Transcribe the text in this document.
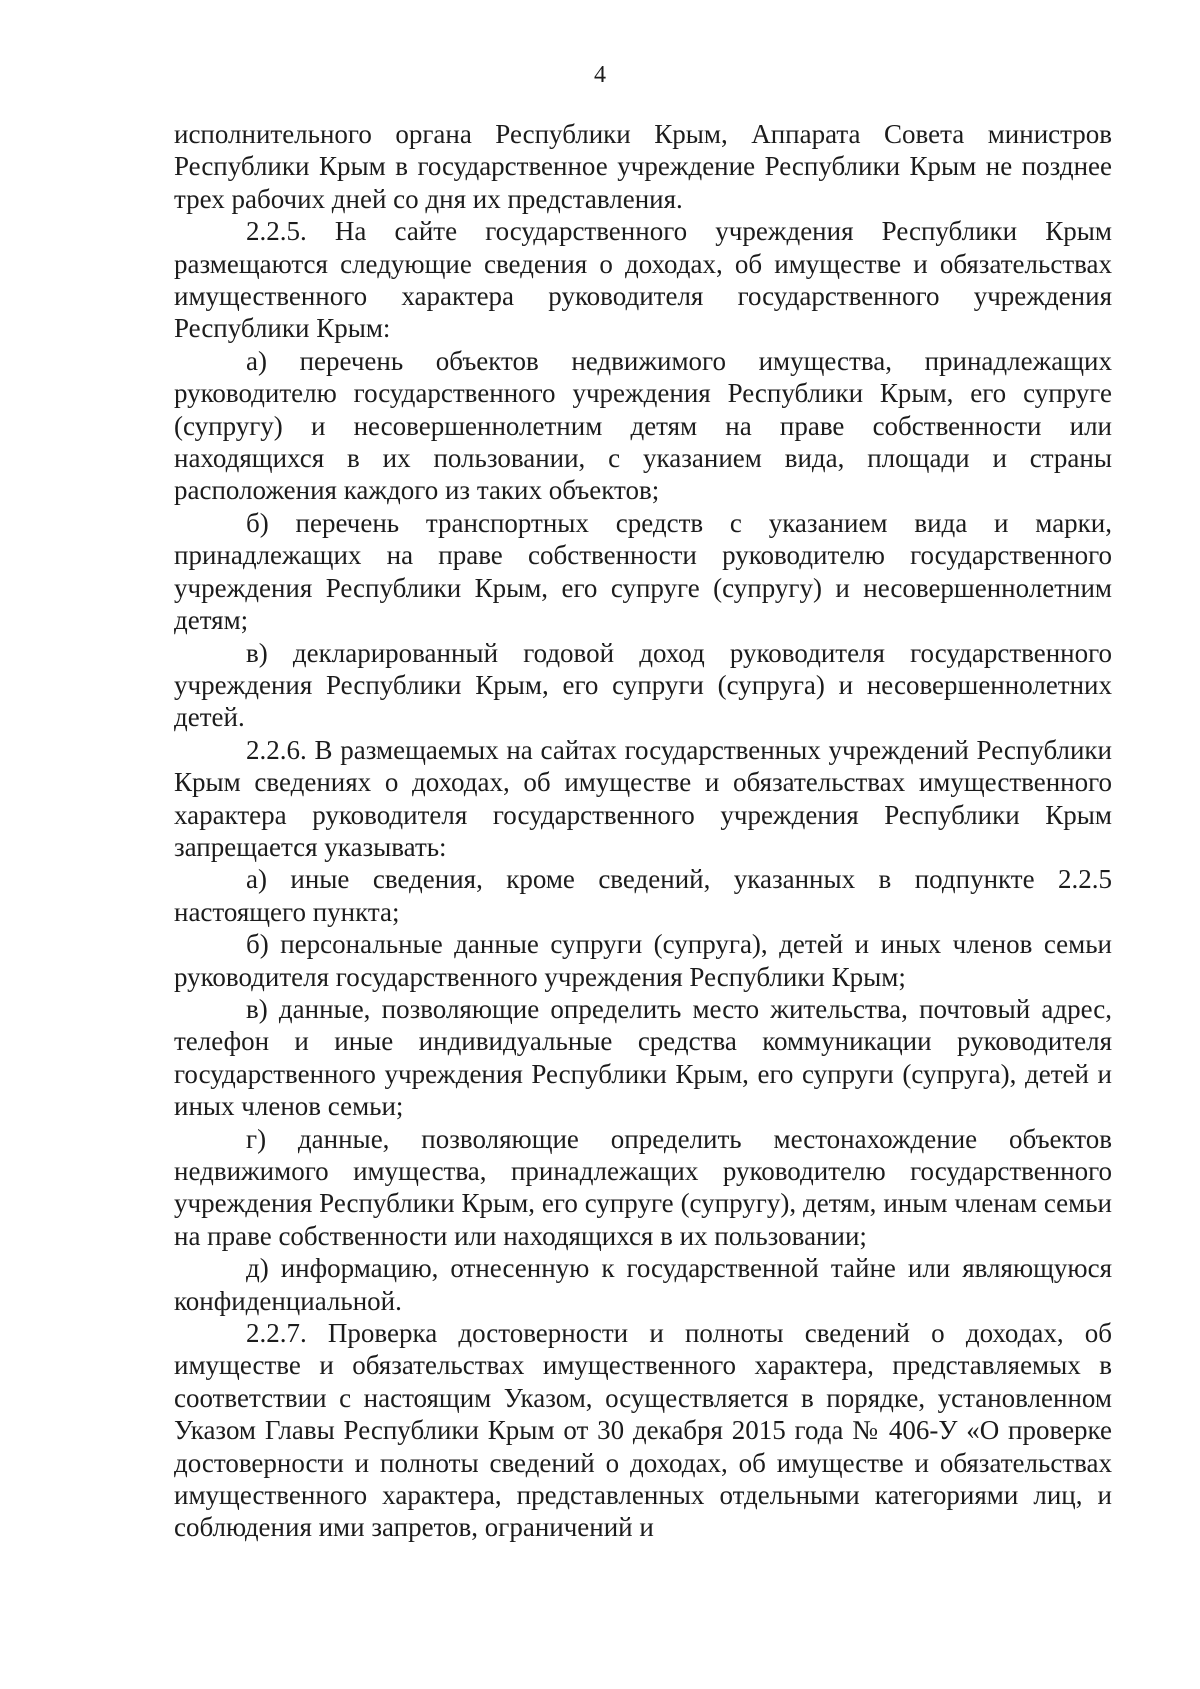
4

исполнительного органа Республики Крым, Аппарата Совета министров Республики Крым в государственное учреждение Республики Крым не позднее трех рабочих дней со дня их представления.

2.2.5. На сайте государственного учреждения Республики Крым размещаются следующие сведения о доходах, об имуществе и обязательствах имущественного характера руководителя государственного учреждения Республики Крым:

а) перечень объектов недвижимого имущества, принадлежащих руководителю государственного учреждения Республики Крым, его супруге (супругу) и несовершеннолетним детям на праве собственности или находящихся в их пользовании, с указанием вида, площади и страны расположения каждого из таких объектов;

б) перечень транспортных средств с указанием вида и марки, принадлежащих на праве собственности руководителю государственного учреждения Республики Крым, его супруге (супругу) и несовершеннолетним детям;

в) декларированный годовой доход руководителя государственного учреждения Республики Крым, его супруги (супруга) и несовершеннолетних детей.

2.2.6. В размещаемых на сайтах государственных учреждений Республики Крым сведениях о доходах, об имуществе и обязательствах имущественного характера руководителя государственного учреждения Республики Крым запрещается указывать:

а) иные сведения, кроме сведений, указанных в подпункте 2.2.5 настоящего пункта;

б) персональные данные супруги (супруга), детей и иных членов семьи руководителя государственного учреждения Республики Крым;

в) данные, позволяющие определить место жительства, почтовый адрес, телефон и иные индивидуальные средства коммуникации руководителя государственного учреждения Республики Крым, его супруги (супруга), детей и иных членов семьи;

г) данные, позволяющие определить местонахождение объектов недвижимого имущества, принадлежащих руководителю государственного учреждения Республики Крым, его супруге (супругу), детям, иным членам семьи на праве собственности или находящихся в их пользовании;

д) информацию, отнесенную к государственной тайне или являющуюся конфиденциальной.

2.2.7. Проверка достоверности и полноты сведений о доходах, об имуществе и обязательствах имущественного характера, представляемых в соответствии с настоящим Указом, осуществляется в порядке, установленном Указом Главы Республики Крым от 30 декабря 2015 года № 406-У «О проверке достоверности и полноты сведений о доходах, об имуществе и обязательствах имущественного характера, представленных отдельными категориями лиц, и соблюдения ими запретов, ограничений и
